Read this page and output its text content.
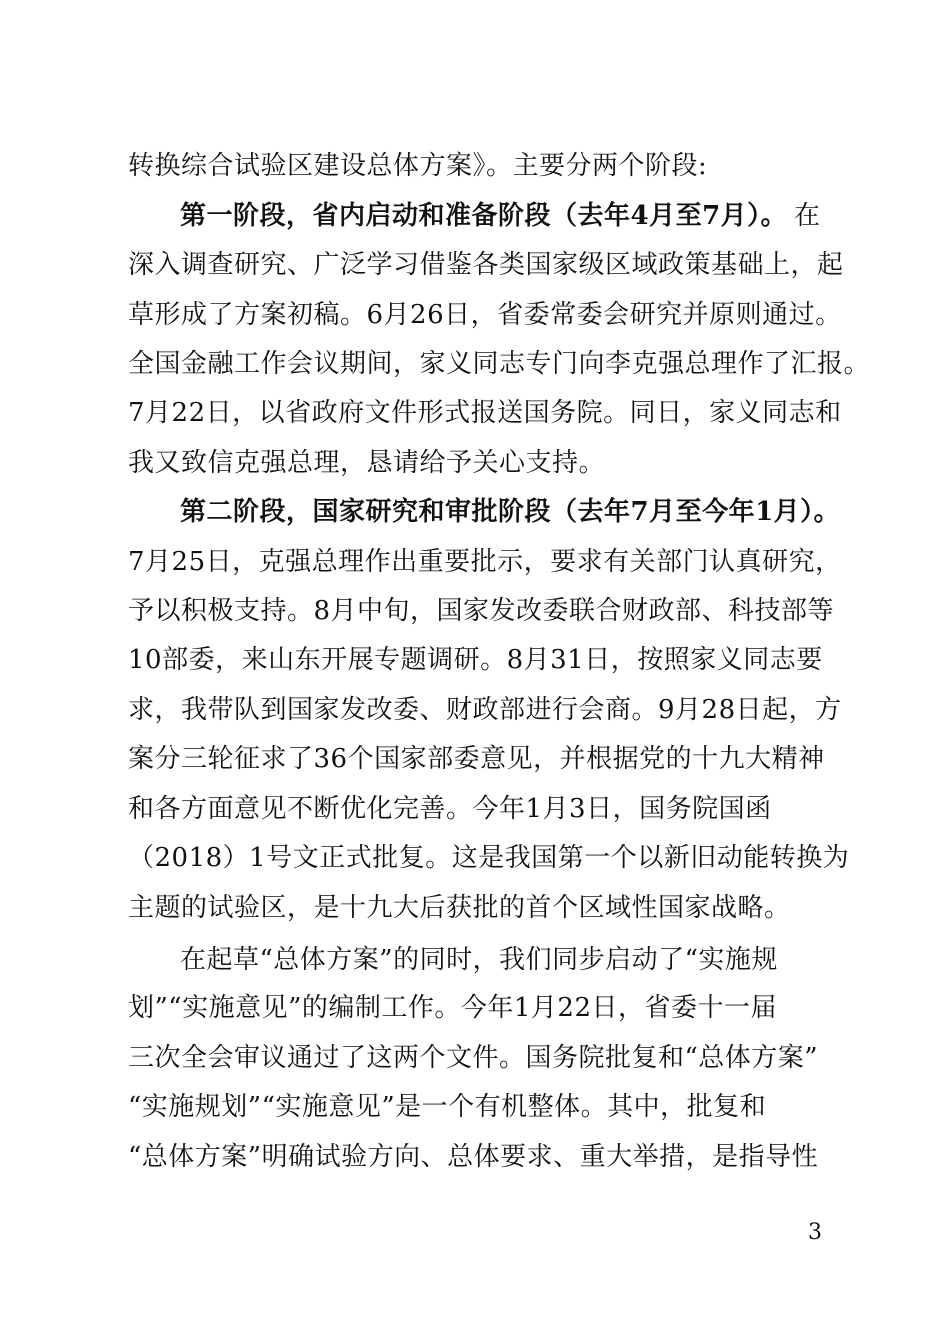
转换综合试验区建设总体方案》。主要分两个阶段:
第一阶段，省内启动和准备阶段（去年4月至7月）。 在
深入调查研究、广泛学习借鉴各类国家级区域政策基础上，起
草形成了方案初稿。6月26日，省委常委会研究并原则通过。
全国金融工作会议期间，家义同志专门向李克强总理作了汇报。
7月22日，以省政府文件形式报送国务院。同日，家义同志和
我又致信克强总理，恳请给予关心支持。
第二阶段，国家研究和审批阶段（去年7月至今年1月）。
7月25日，克强总理作出重要批示，要求有关部门认真研究，
予以积极支持。8月中旬，国家发改委联合财政部、科技部等
10部委，来山东开展专题调研。8月31日，按照家义同志要
求，我带队到国家发改委、财政部进行会商。9月28日起，方
案分三轮征求了36个国家部委意见，并根据党的十九大精神
和各方面意见不断优化完善。今年1月3日，国务院国函
（2018）1号文正式批复。这是我国第一个以新旧动能转换为
主题的试验区，是十九大后获批的首个区域性国家战略。
在起草“总体方案”的同时，我们同步启动了“实施规
划”“实施意见”的编制工作。今年1月22日，省委十一届
三次全会审议通过了这两个文件。国务院批复和“总体方案”
“实施规划”“实施意见”是一个有机整体。其中，批复和
“总体方案”明确试验方向、总体要求、重大举措，是指导性
3
